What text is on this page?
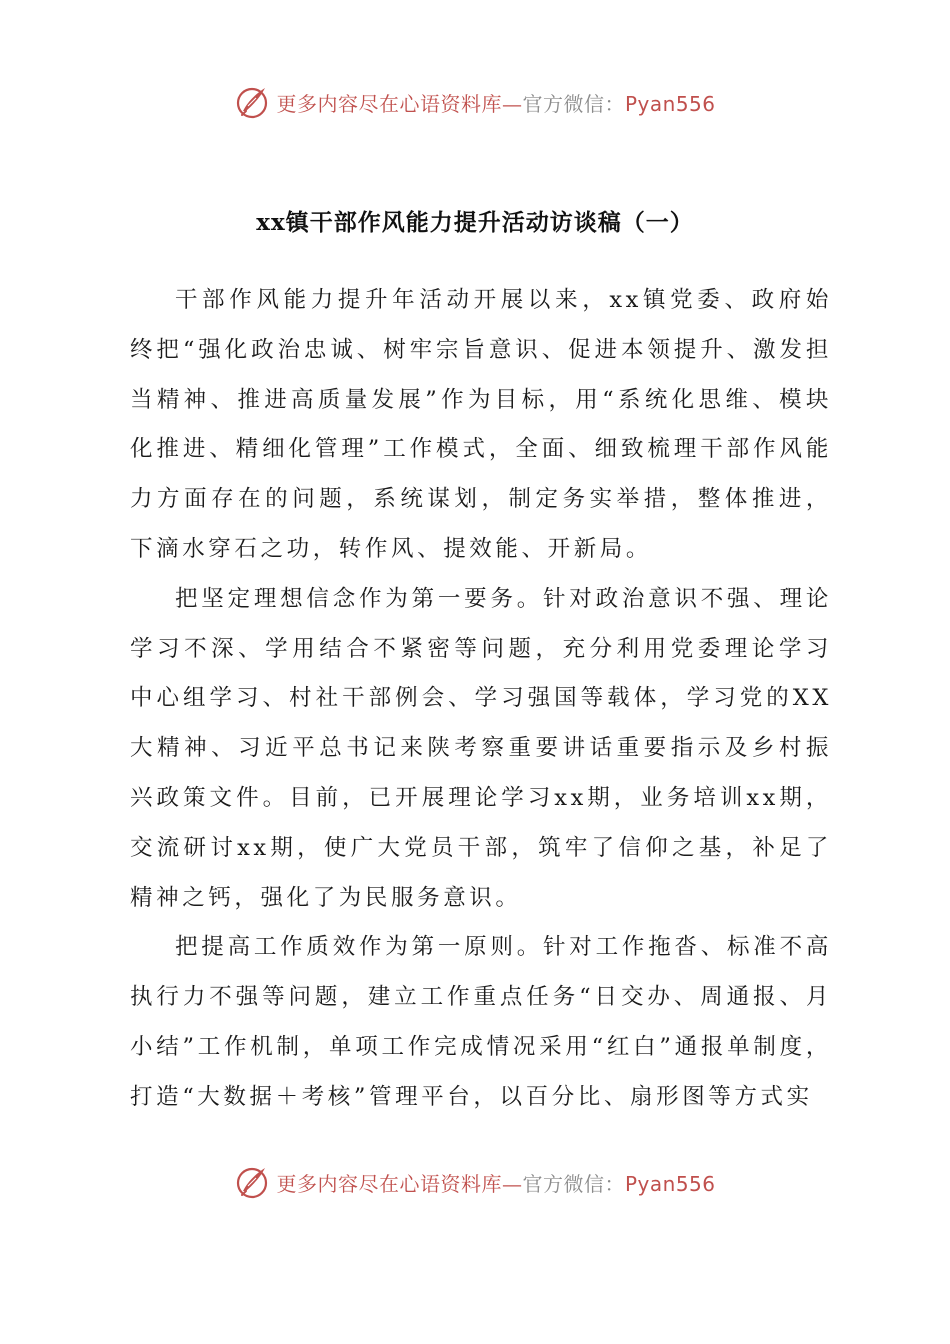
更多内容尽在心语资料库—官方微信：Pyan556
xx镇干部作风能力提升活动访谈稿（一）

干部作风能力提升年活动开展以来，xx镇党委、政府始终把“强化政治忠诚、树牢宗旨意识、促进本领提升、激发担当精神、推进高质量发展”作为目标，用“系统化思维、模块化推进、精细化管理”工作模式，全面、细致梳理干部作风能力方面存在的问题，系统谋划，制定务实举措，整体推进，下滴水穿石之功，转作风、提效能、开新局。

把坚定理想信念作为第一要务。针对政治意识不强、理论学习不深、学用结合不紧密等问题，充分利用党委理论学习中心组学习、村社干部例会、学习强国等载体，学习党的XX大精神、习近平总书记来陕考察重要讲话重要指示及乡村振兴政策文件。目前，已开展理论学习xx期，业务培训xx期，交流研讨xx期，使广大党员干部，筑牢了信仰之基，补足了精神之钙，强化了为民服务意识。

把提高工作质效作为第一原则。针对工作拖沓、标准不高执行力不强等问题，建立工作重点任务“日交办、周通报、月小结”工作机制，单项工作完成情况采用“红白”通报单制度，打造“大数据＋考核”管理平台，以百分比、扇形图等方式实

更多内容尽在心语资料库—官方微信：Pyan556
